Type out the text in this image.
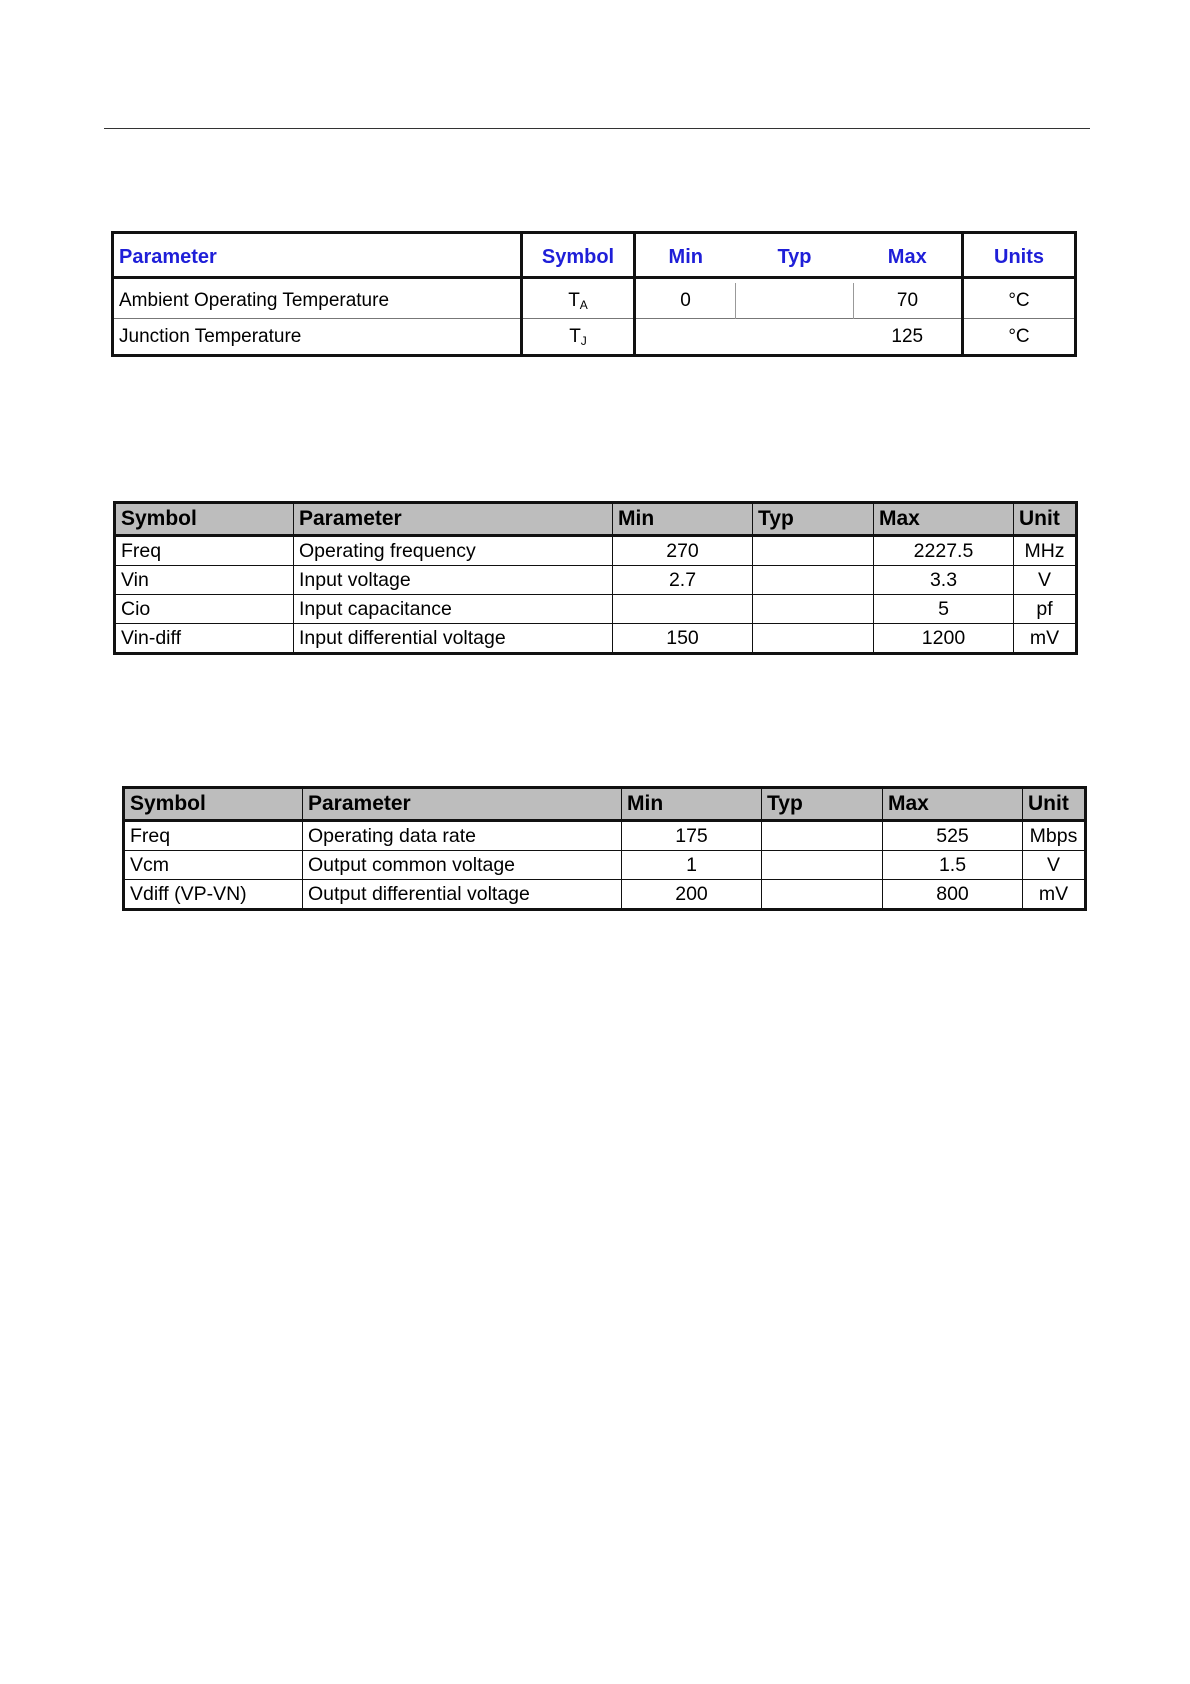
Parameter	Symbol	Min	Typ	Max	Units

Ambient Operating Temperature	$T_A$	0		70	°C
Junction Temperature	$T_J$			125	°C
Symbol	Parameter	Min	Typ	Max	Unit
Freq	Operating frequency	270		2227.5	MHz
Vin	Input voltage	2.7		3.3	V
Cio	Input capacitance			5	pf
Vin-diff	Input differential voltage	150		1200	mV
Symbol	Parameter	Min	Typ	Max	Unit
Freq	Operating data rate	175		525	Mbps
Vcm	Output common voltage	1		1.5	V
Vdiff (VP-VN)	Output differential voltage	200		800	mV
